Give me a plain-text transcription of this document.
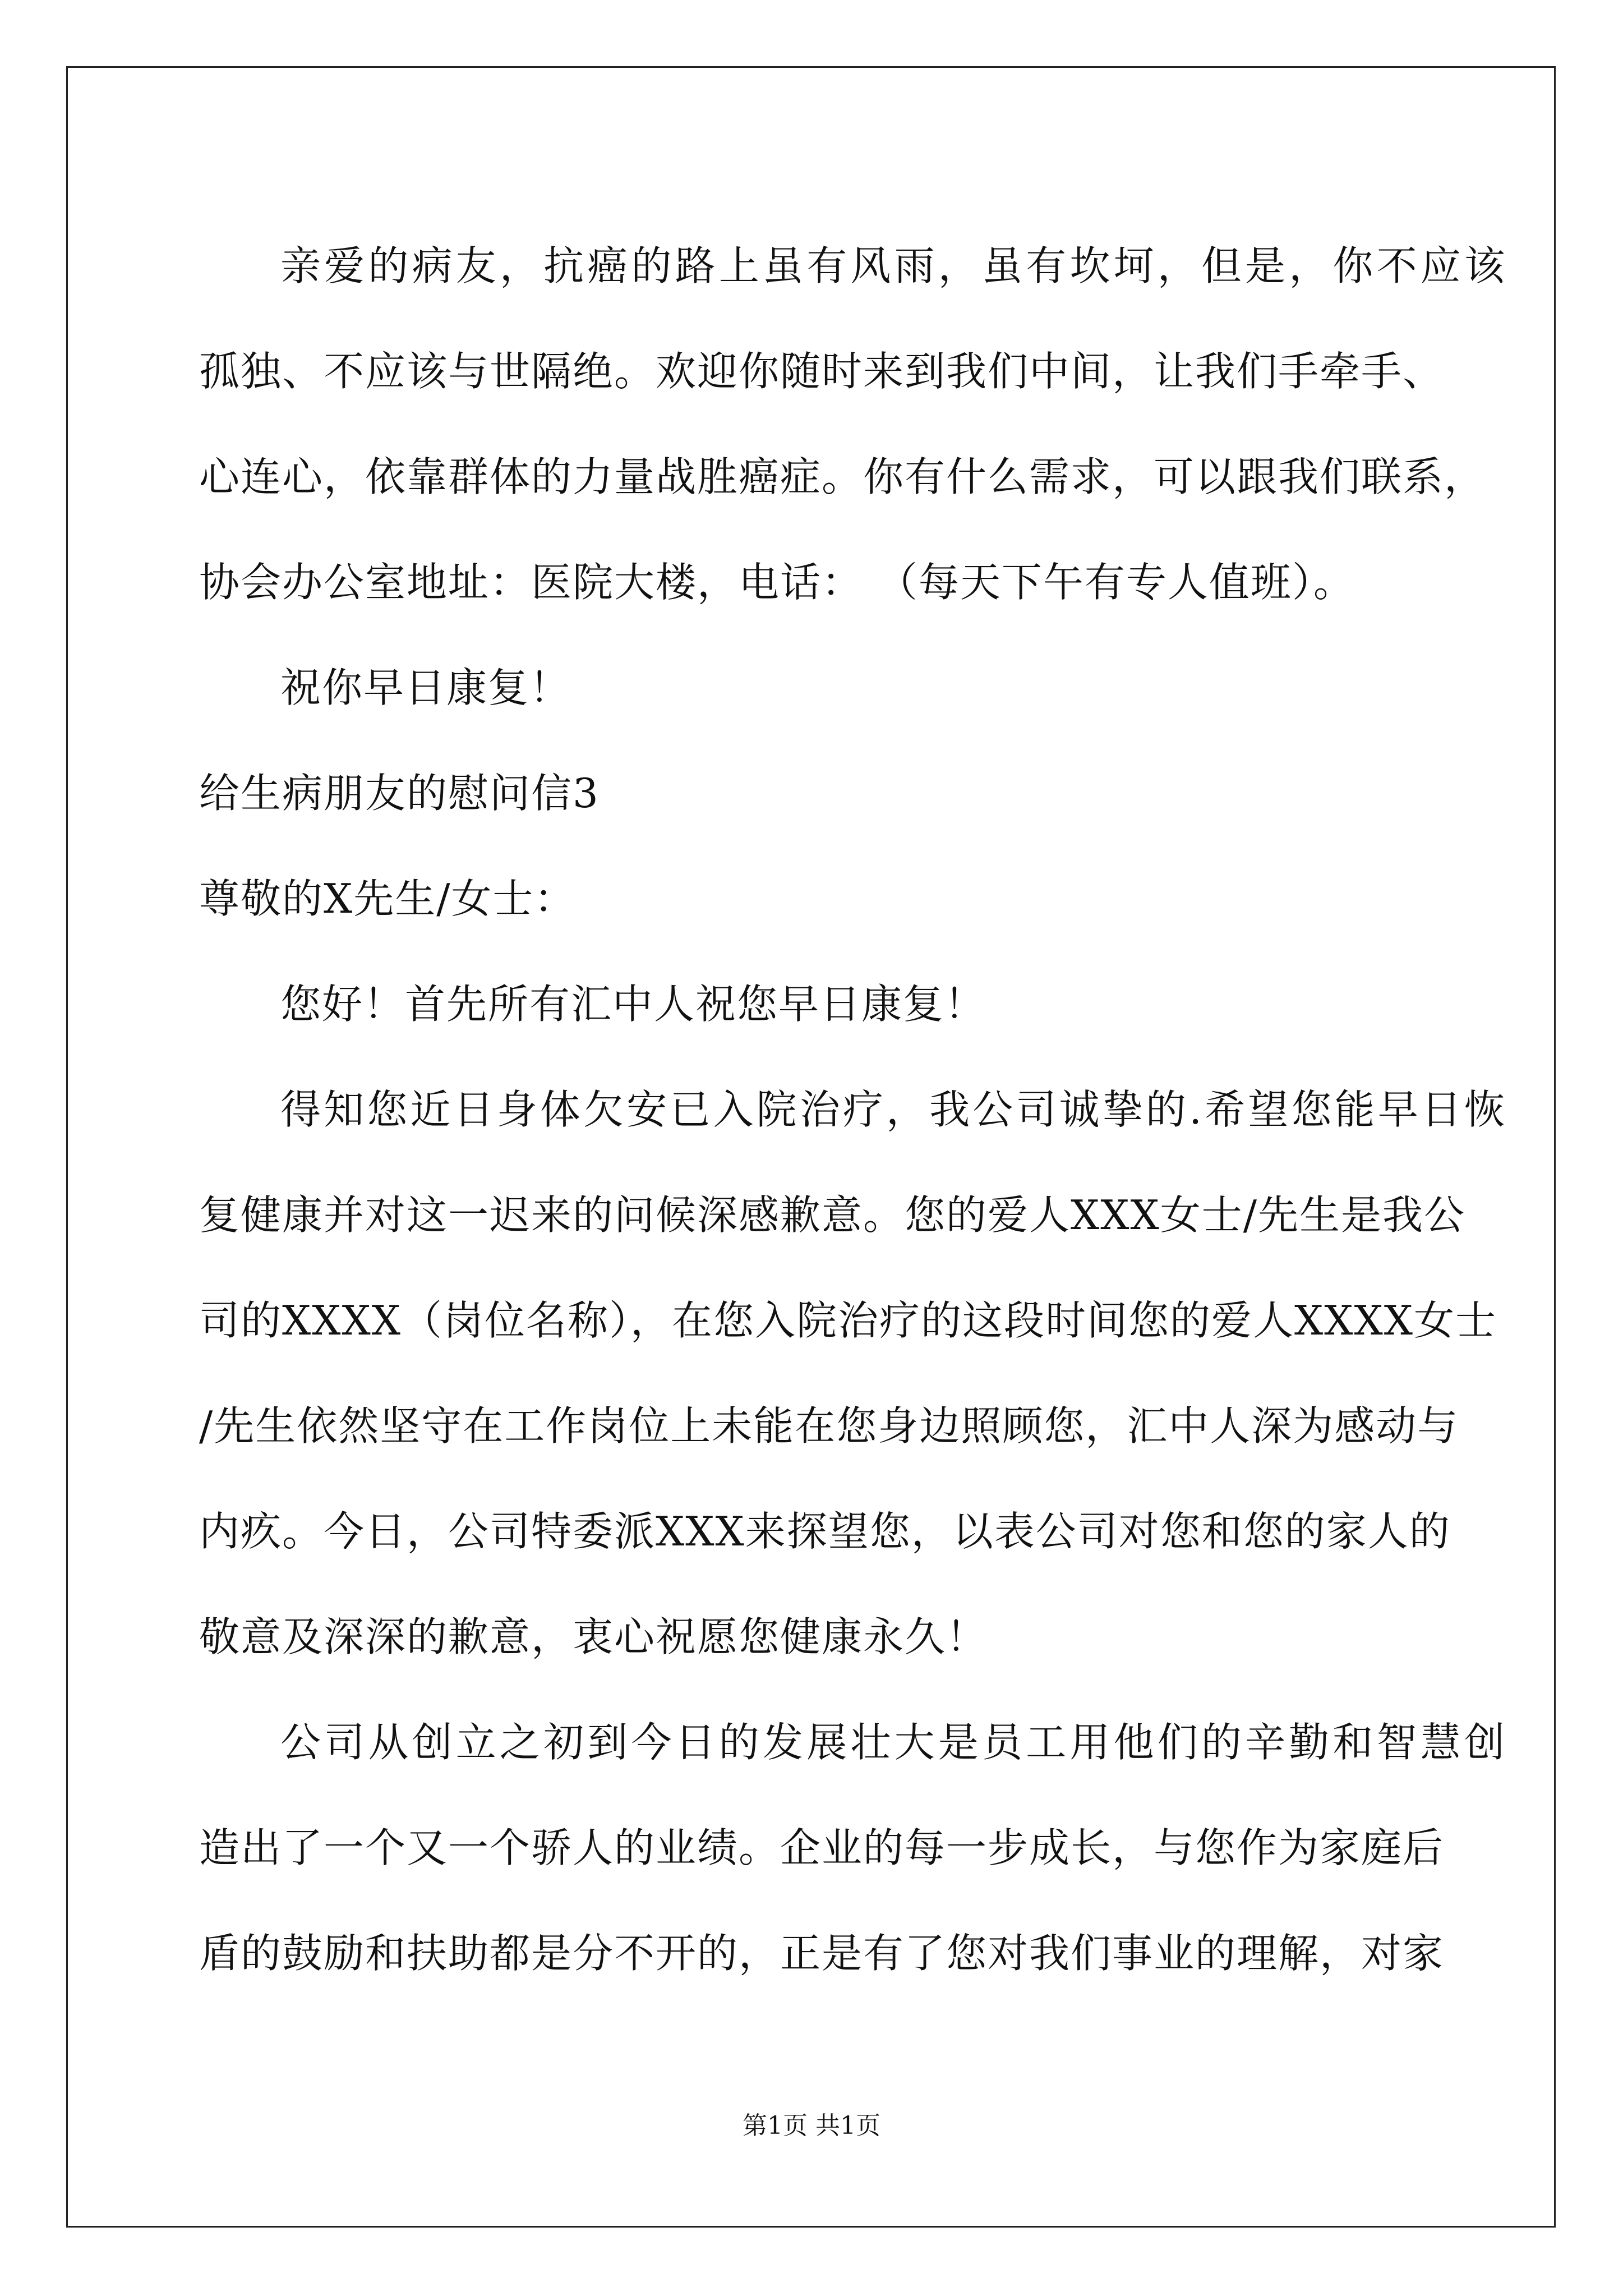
亲爱的病友，抗癌的路上虽有风雨，虽有坎坷，但是，你不应该
孤独、不应该与世隔绝。欢迎你随时来到我们中间，让我们手牵手、
心连心，依靠群体的力量战胜癌症。你有什么需求，可以跟我们联系，
协会办公室地址：医院大楼，电话： （每天下午有专人值班）。
祝你早日康复！
给生病朋友的慰问信3
尊敬的X先生/女士：
您好！首先所有汇中人祝您早日康复！
得知您近日身体欠安已入院治疗，我公司诚挚的.希望您能早日恢
复健康并对这一迟来的问候深感歉意。您的爱人XXX女士/先生是我公
司的XXXX（岗位名称），在您入院治疗的这段时间您的爱人XXXX女士
/先生依然坚守在工作岗位上未能在您身边照顾您，汇中人深为感动与
内疚。今日，公司特委派XXX来探望您，以表公司对您和您的家人的
敬意及深深的歉意，衷心祝愿您健康永久！
公司从创立之初到今日的发展壮大是员工用他们的辛勤和智慧创
造出了一个又一个骄人的业绩。企业的每一步成长，与您作为家庭后
盾的鼓励和扶助都是分不开的，正是有了您对我们事业的理解，对家
第1页 共1页
